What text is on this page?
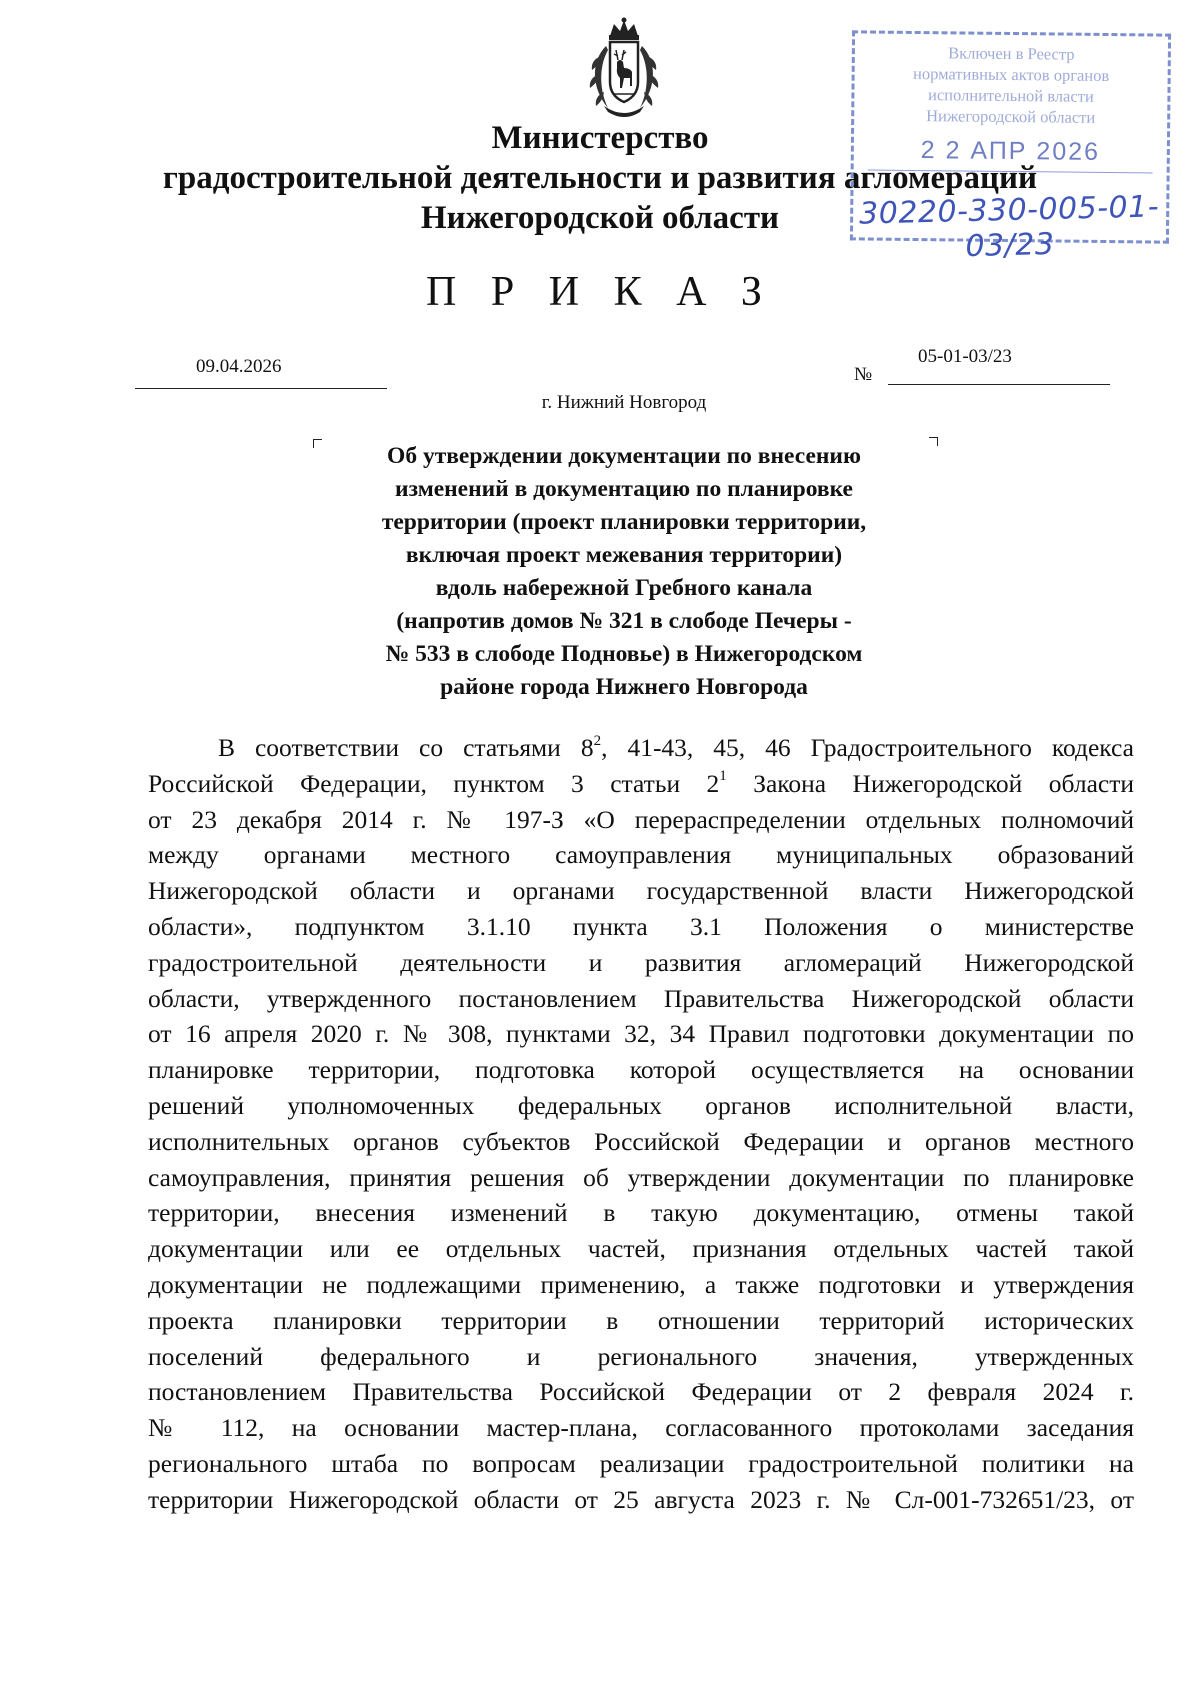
Министерство
градостроительной деятельности и развития агломераций
Нижегородской области
Включен в Реестр
нормативных актов органов
исполнительной власти
Нижегородской области
2 2 АПР 2026
30220-330-005-01-03/23
П Р И К А З
09.04.2026	05-01-03/23
№
г. Нижний Новгород
Об утверждении документации по внесению
изменений в документацию по планировке
территории (проект планировки территории,
включая проект межевания территории)
вдоль набережной Гребного канала
(напротив домов № 321 в слободе Печеры -
№ 533 в слободе Подновье) в Нижегородском
районе города Нижнего Новгорода
В соответствии со статьями $8^2$, 41-43, 45, 46 Градостроительного кодекса
Российской Федерации, пунктом 3 статьи $2^1$ Закона Нижегородской области
от 23 декабря 2014 г. № 197-З «О перераспределении отдельных полномочий
между органами местного самоуправления муниципальных образований
Нижегородской области и органами государственной власти Нижегородской
области», подпунктом 3.1.10 пункта 3.1 Положения о министерстве
градостроительной деятельности и развития агломераций Нижегородской
области, утвержденного постановлением Правительства Нижегородской области
от 16 апреля 2020 г. № 308, пунктами 32, 34 Правил подготовки документации по
планировке территории, подготовка которой осуществляется на основании
решений уполномоченных федеральных органов исполнительной власти,
исполнительных органов субъектов Российской Федерации и органов местного
самоуправления, принятия решения об утверждении документации по планировке
территории, внесения изменений в такую документацию, отмены такой
документации или ее отдельных частей, признания отдельных частей такой
документации не подлежащими применению, а также подготовки и утверждения
проекта планировки территории в отношении территорий исторических
поселений федерального и регионального значения, утвержденных
постановлением Правительства Российской Федерации от 2 февраля 2024 г.
№ 112, на основании мастер-плана, согласованного протоколами заседания
регионального штаба по вопросам реализации градостроительной политики на
территории Нижегородской области от 25 августа 2023 г. № Сл-001-732651/23, от
